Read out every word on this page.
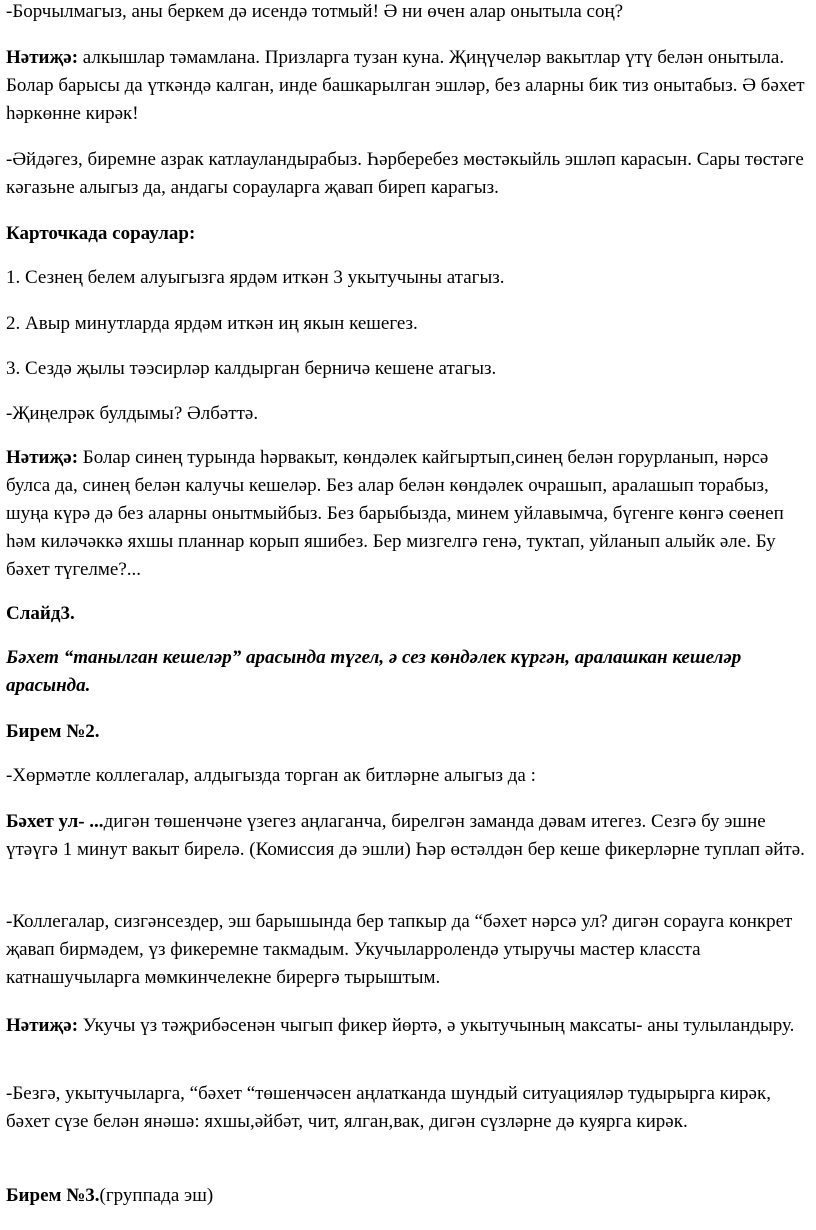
-Борчылмагыз, аны беркем дә исендә тотмый! Ә ни өчен алар онытыла соң?

Нәтиҗә: алкышлар тәмамлана. Призларга тузан куна. Җиңүчеләр вакытлар үтү белән онытыла. Болар барысы да үткәндә калган, инде башкарылган эшләр, без аларны бик тиз онытабыз. Ә бәхет һәркөнне кирәк!

-Әйдәгез, биремне азрак катлауландырабыз. Һәрберебез мөстәкыйль эшләп карасын. Сары төстәге кәгазьне алыгыз да, андагы сорауларга җавап биреп карагыз.

Карточкада сораулар:

1. Сезнең белем алуыгызга ярдәм иткән 3 укытучыны атагыз.

2. Авыр минутларда ярдәм иткән иң якын кешегез.

3. Сездә җылы тәэсирләр калдырган берничә кешене атагыз.

-Җиңелрәк булдымы? Әлбәттә.

Нәтиҗә: Болар синең турында һәрвакыт, көндәлек кайгыртып,синең белән горурланып, нәрсә булса да, синең белән калучы кешеләр. Без алар белән көндәлек очрашып, аралашып торабыз, шуңа күрә дә без аларны онытмыйбыз. Без барыбызда, минем уйлавымча, бүгенге көнгә сөенеп һәм киләчәккә яхшы планнар корып яшибез. Бер мизгелгә генә, туктап, уйланып алыйк әле. Бу бәхет түгелме?...

Слайд3.

Бәхет “танылган кешеләр” арасында түгел, ә сез көндәлек күргән, аралашкан кешеләр арасында.

Бирем №2.

-Хөрмәтле коллегалар, алдыгызда торган ак битләрне алыгыз да :

Бәхет ул- ...дигән төшенчәне үзегез аңлаганча, бирелгән заманда дәвам итегез. Сезгә бу эшне үтәүгә 1 минут вакыт бирелә. (Комиссия дә эшли) Һәр өстәлдән бер кеше фикерләрне туплап әйтә.

-Коллегалар, сизгәнсездер, эш барышында бер тапкыр да “бәхет нәрсә ул? дигән сорауга конкрет җавап бирмәдем, үз фикеремне такмадым. Укучыларролендә утыручы мастер класста катнашучыларга мөмкинчелекне бирергә тырыштым.

Нәтиҗә: Укучы үз тәҗрибәсенән чыгып фикер йөртә, ә укытучының максаты- аны тулыландыру.

-Безгә, укытучыларга, “бәхет “төшенчәсен аңлатканда шундый ситуацияләр тудырырга кирәк, бәхет сүзе белән янәшә: яхшы,әйбәт, чит, ялган,вак, дигән сүзләрне дә куярга кирәк.

Бирем №3.(группада эш)
